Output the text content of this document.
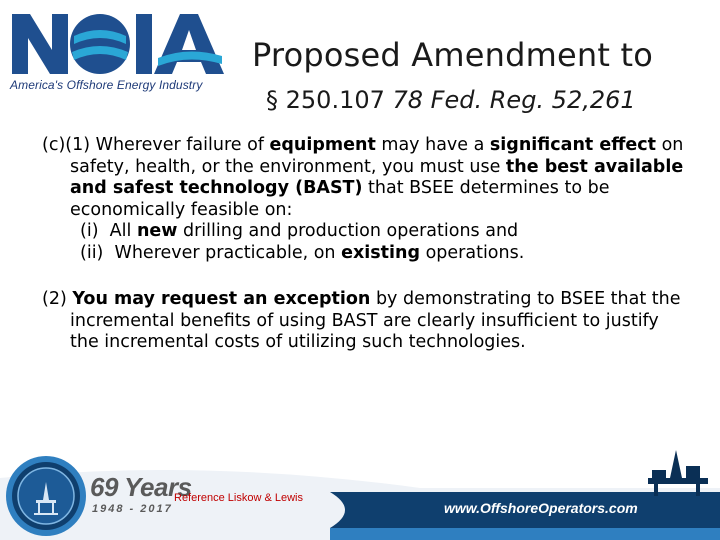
America's Offshore Energy Industry
Proposed Amendment to
§ 250.107 78 Fed. Reg. 52,261

(c)(1) Wherever failure of equipment may have a significant effect on safety, health, or the environment, you must use the best available and safest technology (BAST) that BSEE determines to be economically feasible on:

(i) All new drilling and production operations and

(ii) Wherever practicable, on existing operations.

(2) You may request an exception by demonstrating to BSEE that the incremental benefits of using BAST are clearly insufficient to justify the incremental costs of utilizing such technologies.

69 Years
1948 - 2017
Reference Liskow & Lewis
www.OffshoreOperators.com
